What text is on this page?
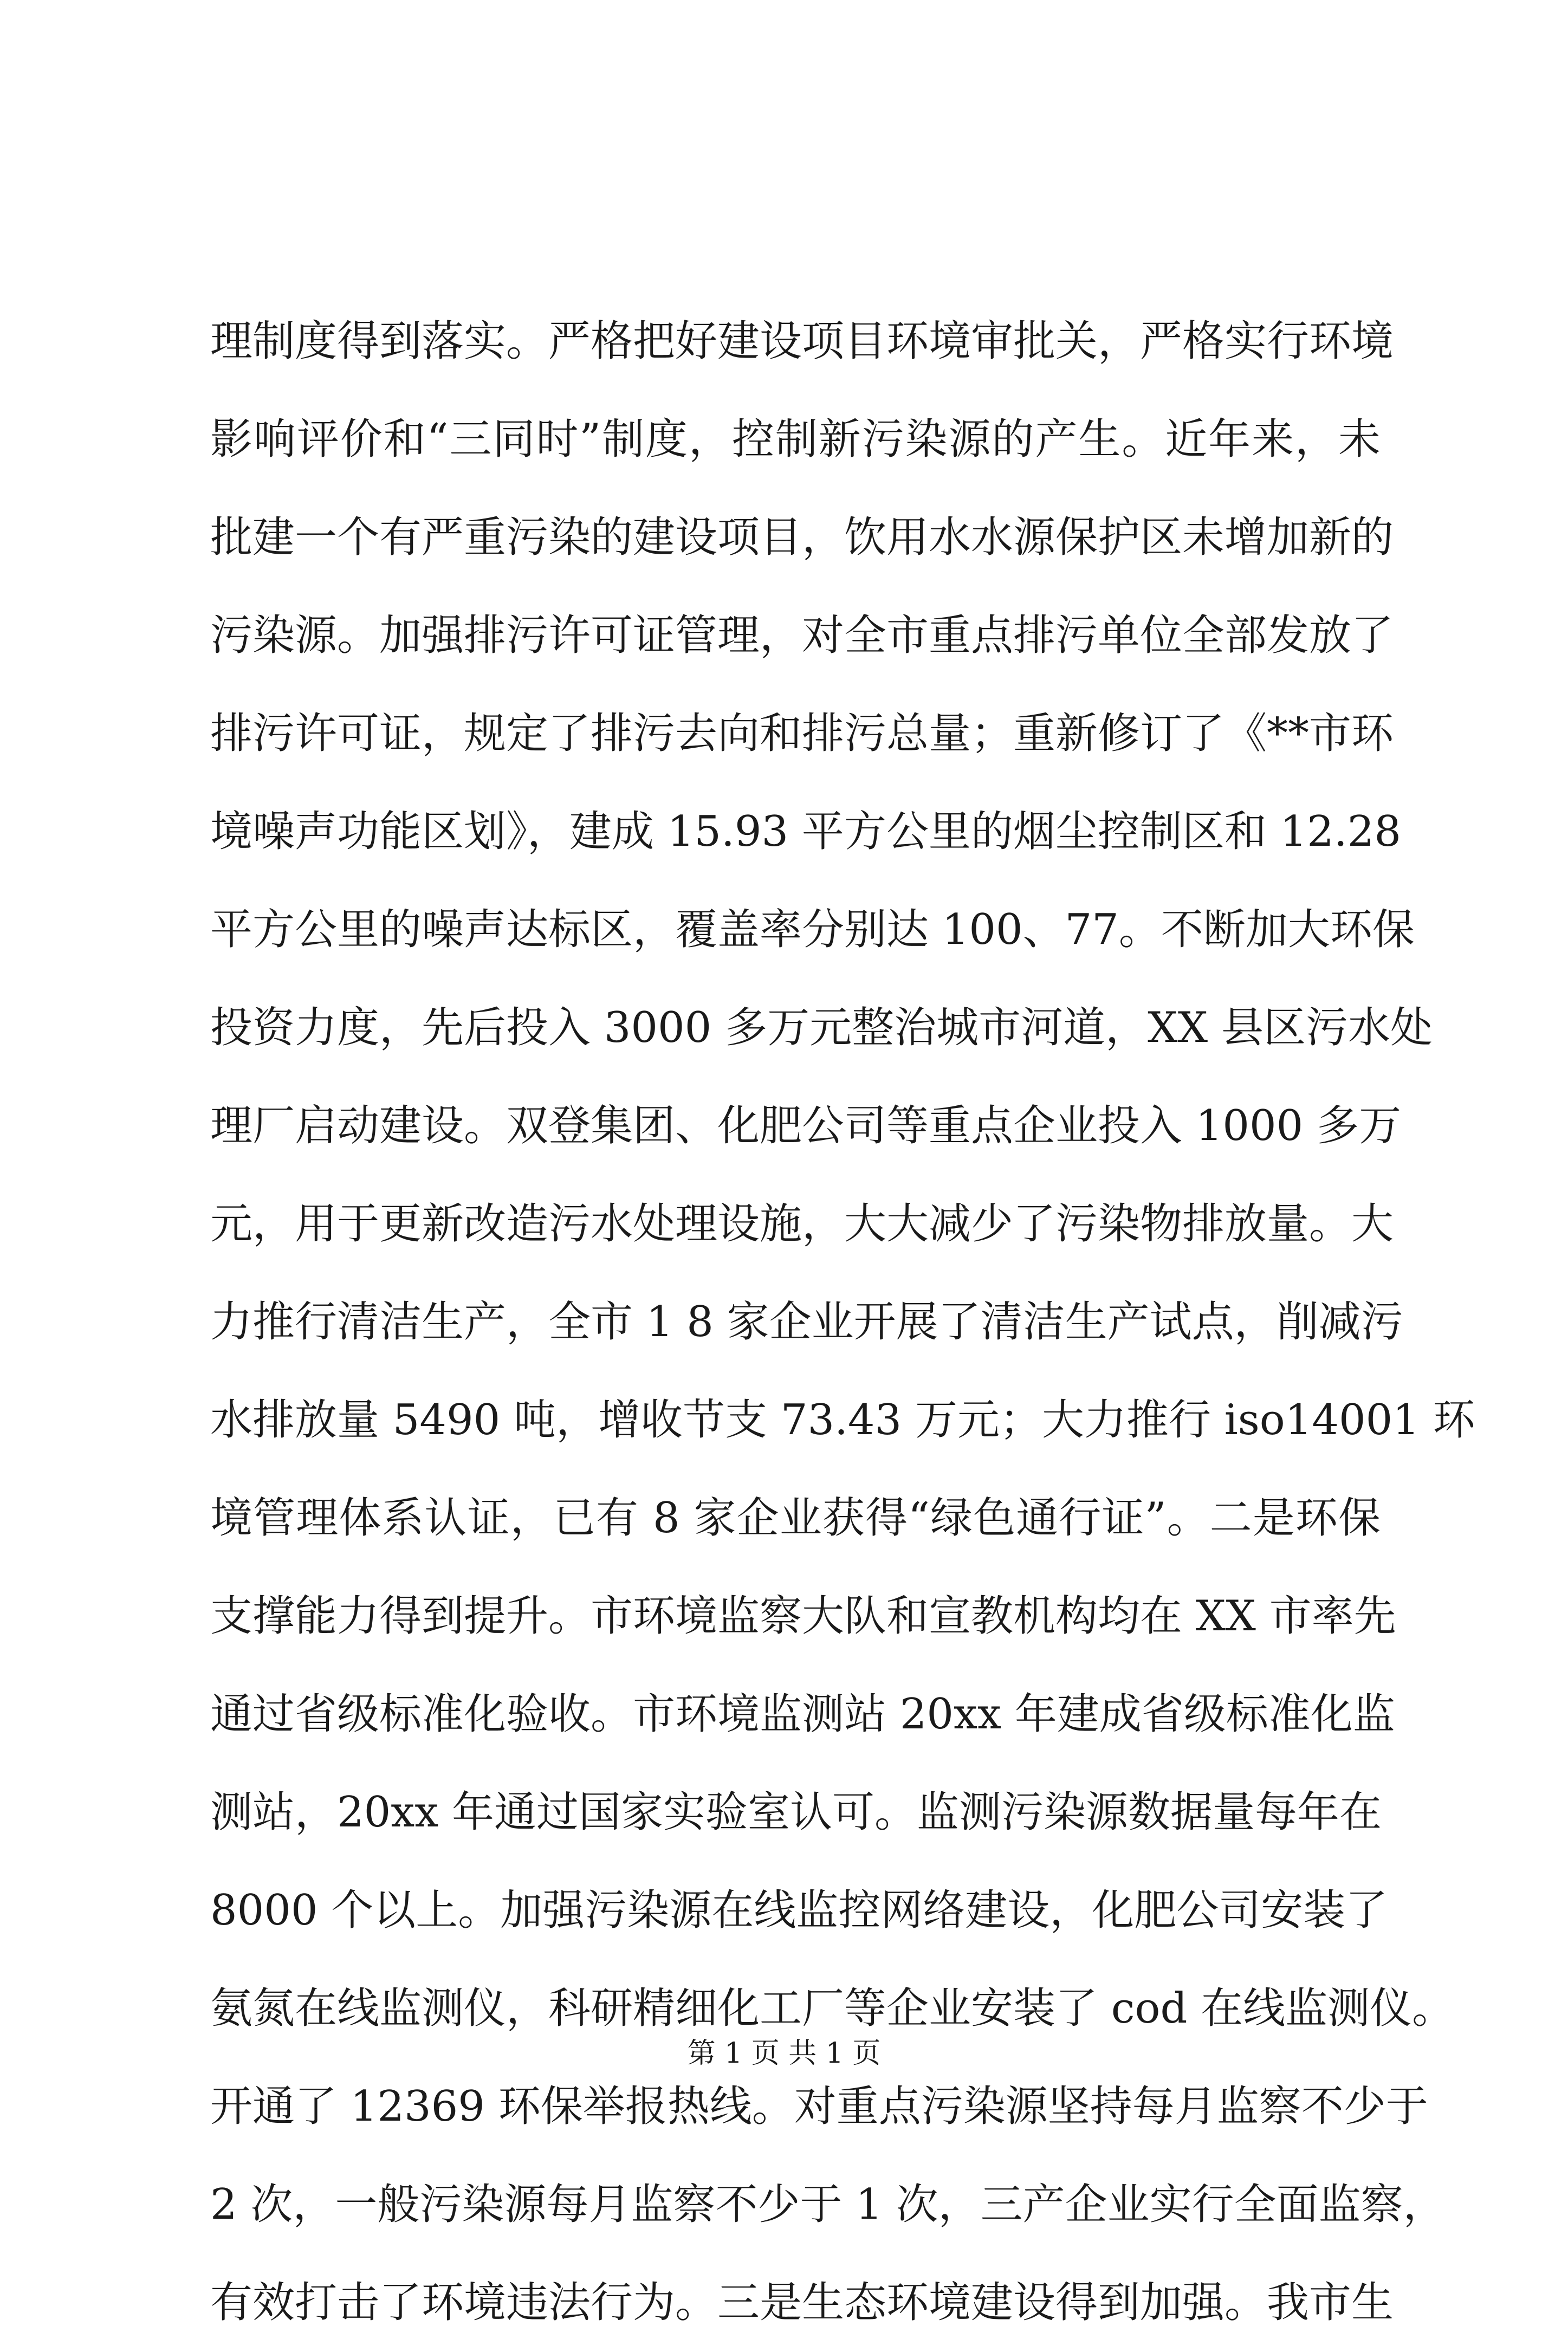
理制度得到落实。严格把好建设项目环境审批关，严格实行环境
影响评价和“三同时”制度，控制新污染源的产生。近年来，未
批建一个有严重污染的建设项目，饮用水水源保护区未增加新的
污染源。加强排污许可证管理，对全市重点排污单位全部发放了
排污许可证，规定了排污去向和排污总量；重新修订了《**市环
境噪声功能区划》，建成 15.93 平方公里的烟尘控制区和 12.28
平方公里的噪声达标区，覆盖率分别达 100、77。不断加大环保
投资力度，先后投入 3000 多万元整治城市河道，XX 县区污水处
理厂启动建设。双登集团、化肥公司等重点企业投入 1000 多万
元，用于更新改造污水处理设施，大大减少了污染物排放量。大
力推行清洁生产，全市 1 8 家企业开展了清洁生产试点，削减污
水排放量 5490 吨，增收节支 73.43 万元；大力推行 iso14001 环
境管理体系认证，已有 8 家企业获得“绿色通行证”。二是环保
支撑能力得到提升。市环境监察大队和宣教机构均在 XX 市率先
通过省级标准化验收。市环境监测站 20xx 年建成省级标准化监
测站，20xx 年通过国家实验室认可。监测污染源数据量每年在
8000 个以上。加强污染源在线监控网络建设，化肥公司安装了
氨氮在线监测仪，科研精细化工厂等企业安装了 cod 在线监测仪。
开通了 12369 环保举报热线。对重点污染源坚持每月监察不少于
2 次，一般污染源每月监察不少于 1 次，三产企业实行全面监察，
有效打击了环境违法行为。三是生态环境建设得到加强。我市生
第 1 页 共 1 页
